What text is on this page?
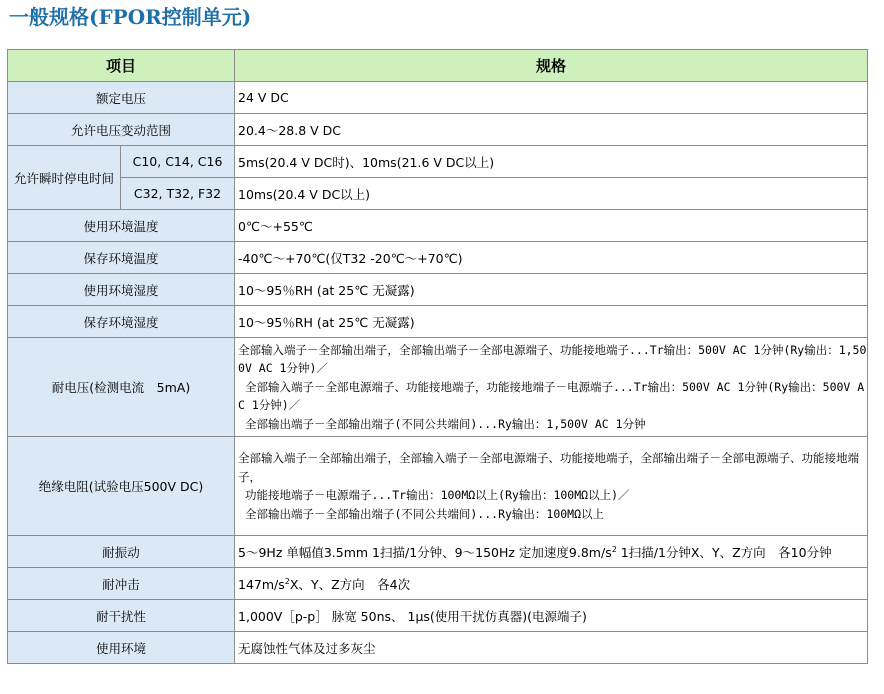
一般规格(FPOR控制单元)
项目		规格
额定电压		24 V DC
允许电压变动范围		20.4～28.8 V DC
允许瞬时停电时间	C10, C14, C16	5ms(20.4 V DC时)、10ms(21.6 V DC以上)
	C32, T32, F32	10ms(20.4 V DC以上)
使用环境温度		0℃～+55℃
保存环境温度		-40℃～+70℃(仅T32 -20℃～+70℃)
使用环境湿度		10～95％RH (at 25℃ 无凝露)
保存环境湿度		10～95％RH (at 25℃ 无凝露)
耐电压(检测电流　5mA)		全部输入端子－全部输出端子，全部输出端子－全部电源端子、功能接地端子...Tr输出：500V AC 1分钟(Ry输出：1,500V AC 1分钟)／
全部输入端子－全部电源端子、功能接地端子，功能接地端子－电源端子...Tr输出：500V AC 1分钟(Ry输出：500V AC 1分钟)／
全部输出端子－全部输出端子(不同公共端间)...Ry输出：1,500V AC 1分钟
绝缘电阻(试验电压500V DC)		全部输入端子－全部输出端子，全部输入端子－全部电源端子、功能接地端子，全部输出端子－全部电源端子、功能接地端子，
功能接地端子－电源端子...Tr输出：100MΩ以上(Ry输出：100MΩ以上)／
全部输出端子－全部输出端子(不同公共端间)...Ry输出：100MΩ以上
耐振动		5～9Hz 单幅值3.5mm 1扫描/1分钟、9～150Hz 定加速度$9.8m/s^2$ 1扫描/1分钟X、Y、Z方向　各10分钟
耐冲击		$147m/s^2X$、Y、Z方向　各4次
耐干扰性		1,000V［p-p］ 脉宽 50ns、 1μs(使用干扰仿真器)(电源端子)
使用环境		无腐蚀性气体及过多灰尘
